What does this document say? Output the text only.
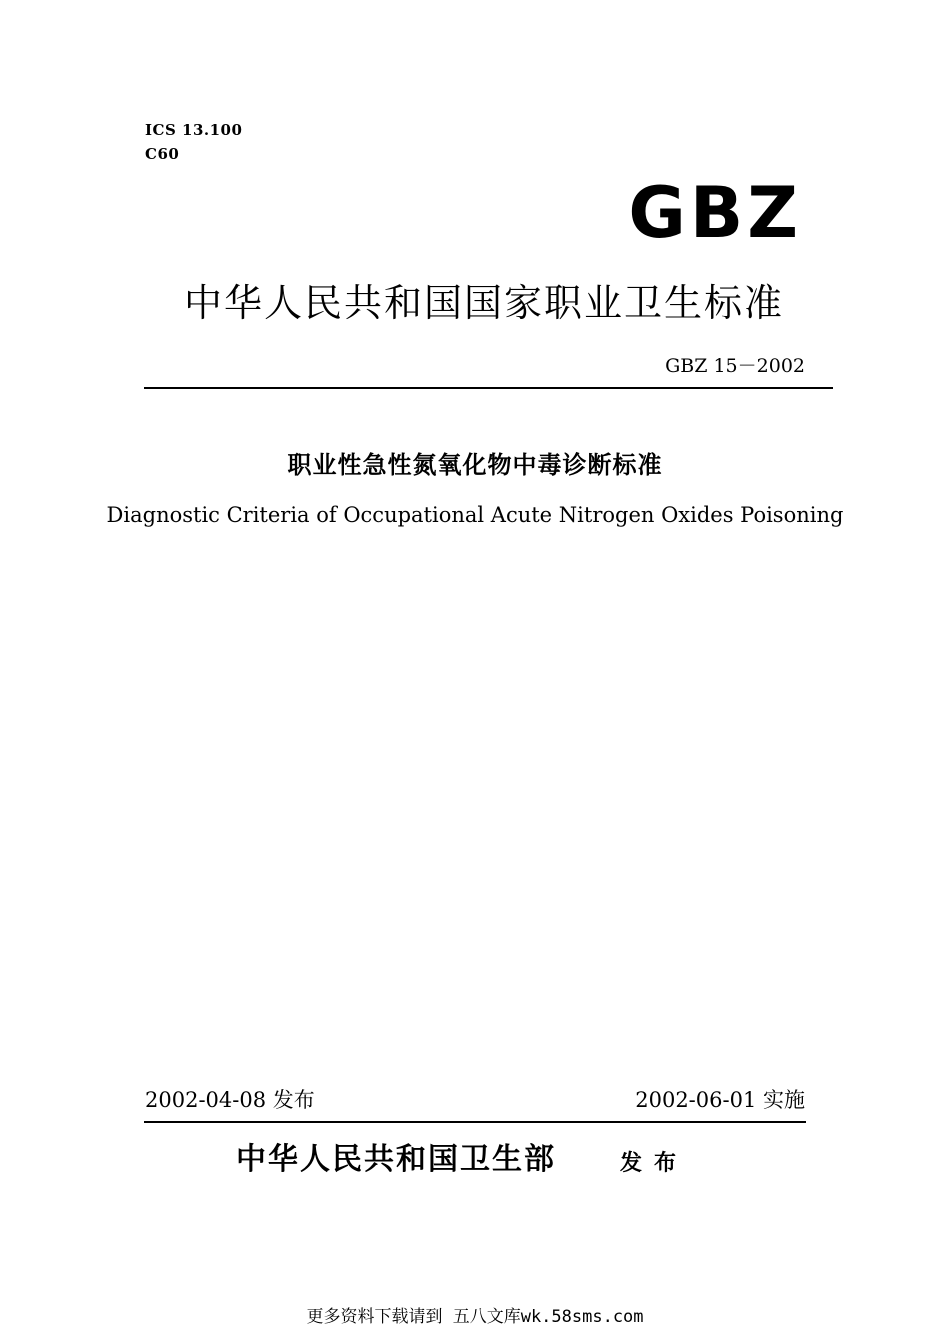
ICS 13.100
C60
GBZ
中华人民共和国国家职业卫生标准
GBZ 15－2002
职业性急性氮氧化物中毒诊断标准
Diagnostic Criteria of Occupational Acute Nitrogen Oxides Poisoning
2002-04-08 发布	2002-06-01 实施
中华人民共和国卫生部	发布
更多资料下载请到 五八文库wk.58sms.com
